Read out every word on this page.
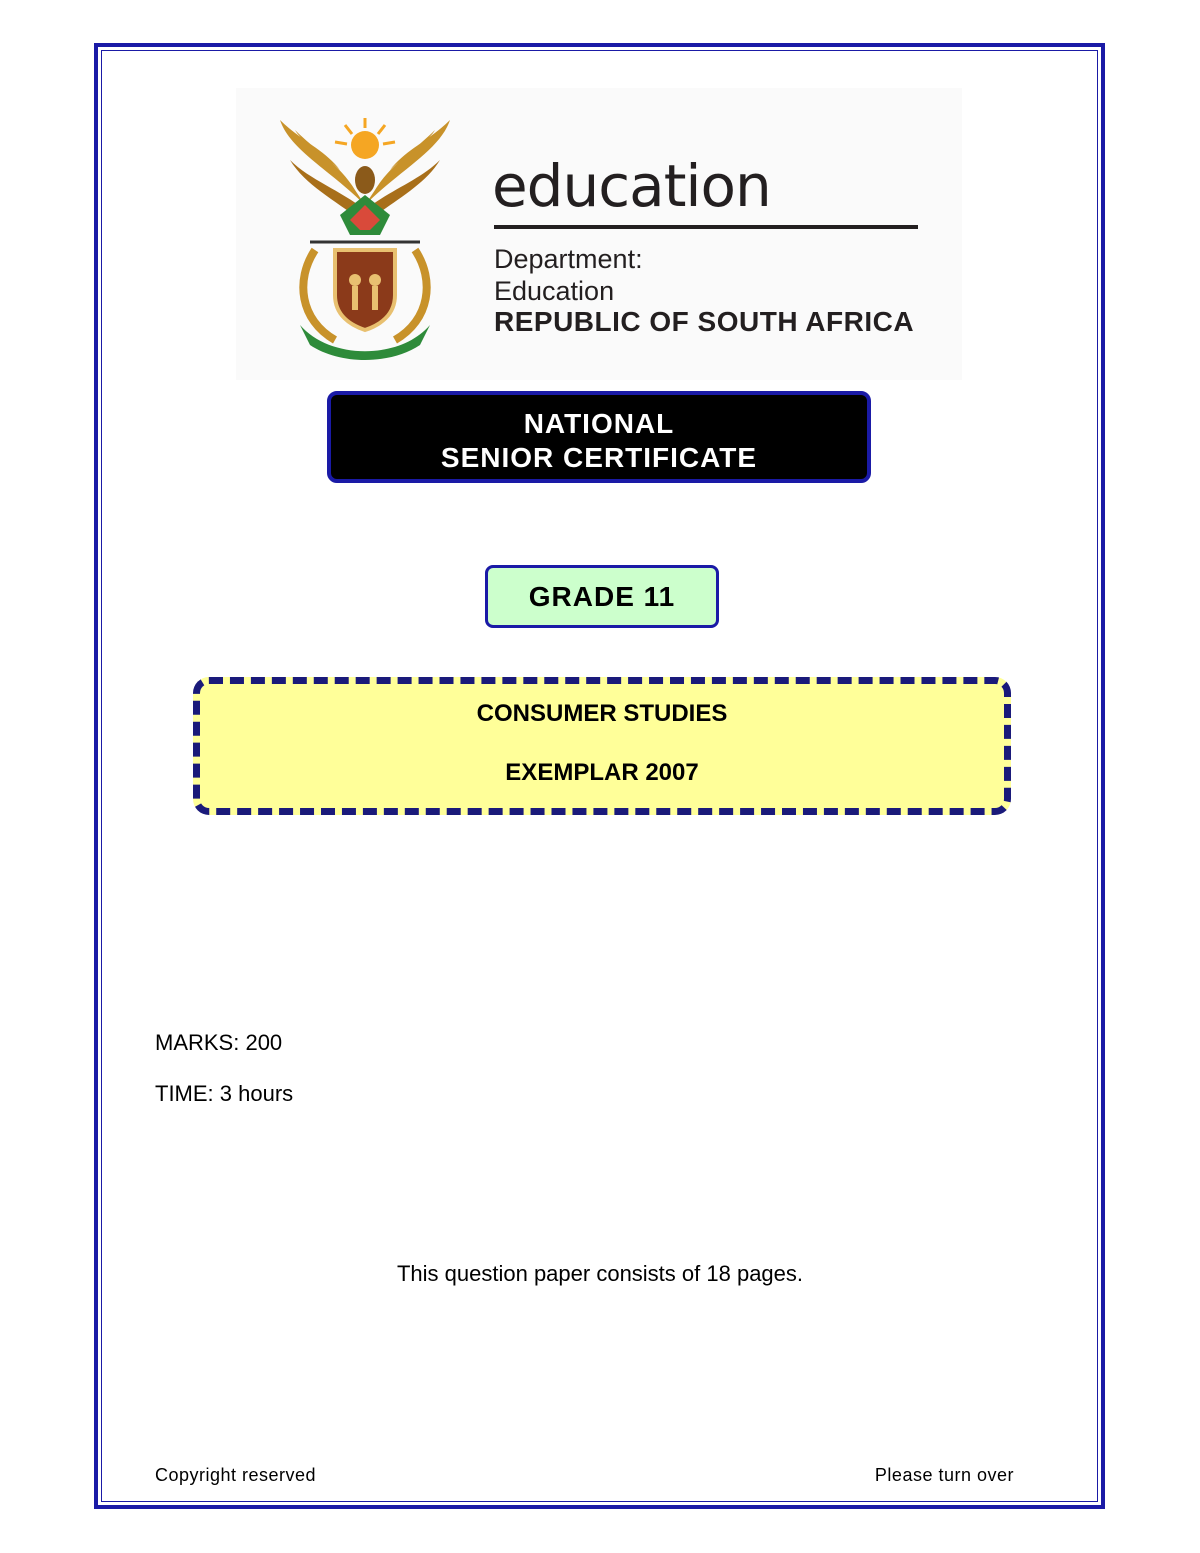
education
Department:
Education
REPUBLIC OF SOUTH AFRICA
NATIONAL
SENIOR CERTIFICATE
GRADE 11
CONSUMER STUDIES
EXEMPLAR 2007
MARKS: 200
TIME: 3 hours
This question paper consists of 18 pages.
Copyright reserved	Please turn over
